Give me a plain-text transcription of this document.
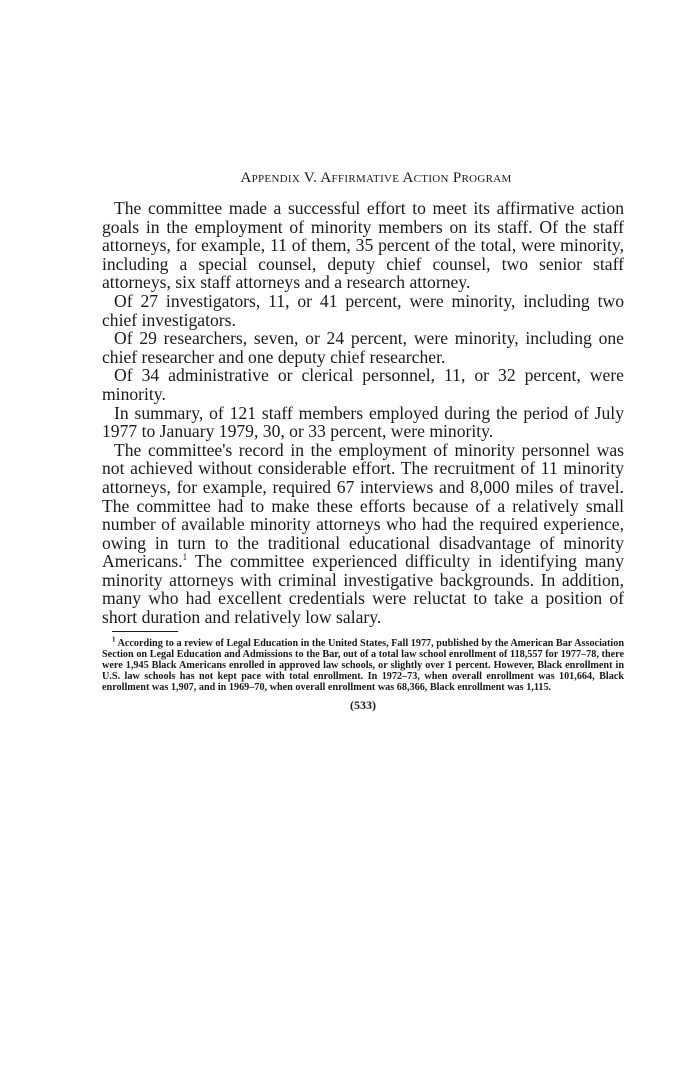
Appendix V. Affirmative Action Program

The committee made a successful effort to meet its affirmative action goals in the employment of minority members on its staff. Of the staff attorneys, for example, 11 of them, 35 percent of the total, were minority, including a special counsel, deputy chief counsel, two senior staff attorneys, six staff attorneys and a research attorney.

Of 27 investigators, 11, or 41 percent, were minority, including two chief investigators.

Of 29 researchers, seven, or 24 percent, were minority, including one chief researcher and one deputy chief researcher.

Of 34 administrative or clerical personnel, 11, or 32 percent, were minority.

In summary, of 121 staff members employed during the period of July 1977 to January 1979, 30, or 33 percent, were minority.

The committee's record in the employment of minority personnel was not achieved without considerable effort. The recruitment of 11 minority attorneys, for example, required 67 interviews and 8,000 miles of travel. The committee had to make these efforts because of a relatively small number of available minority attorneys who had the required experience, owing in turn to the traditional educational disadvantage of minority Americans.$^1$ The committee experienced difficulty in identifying many minority attorneys with criminal investigative backgrounds. In addition, many who had excellent credentials were reluctat to take a position of short duration and relatively low salary.

$^1$ According to a review of Legal Education in the United States, Fall 1977, published by the American Bar Association Section on Legal Education and Admissions to the Bar, out of a total law school enrollment of 118,557 for 1977–78, there were 1,945 Black Americans enrolled in approved law schools, or slightly over 1 percent. However, Black enrollment in U.S. law schools has not kept pace with total enrollment. In 1972–73, when overall enrollment was 101,664, Black enrollment was 1,907, and in 1969–70, when overall enrollment was 68,366, Black enrollment was 1,115.

(533)
